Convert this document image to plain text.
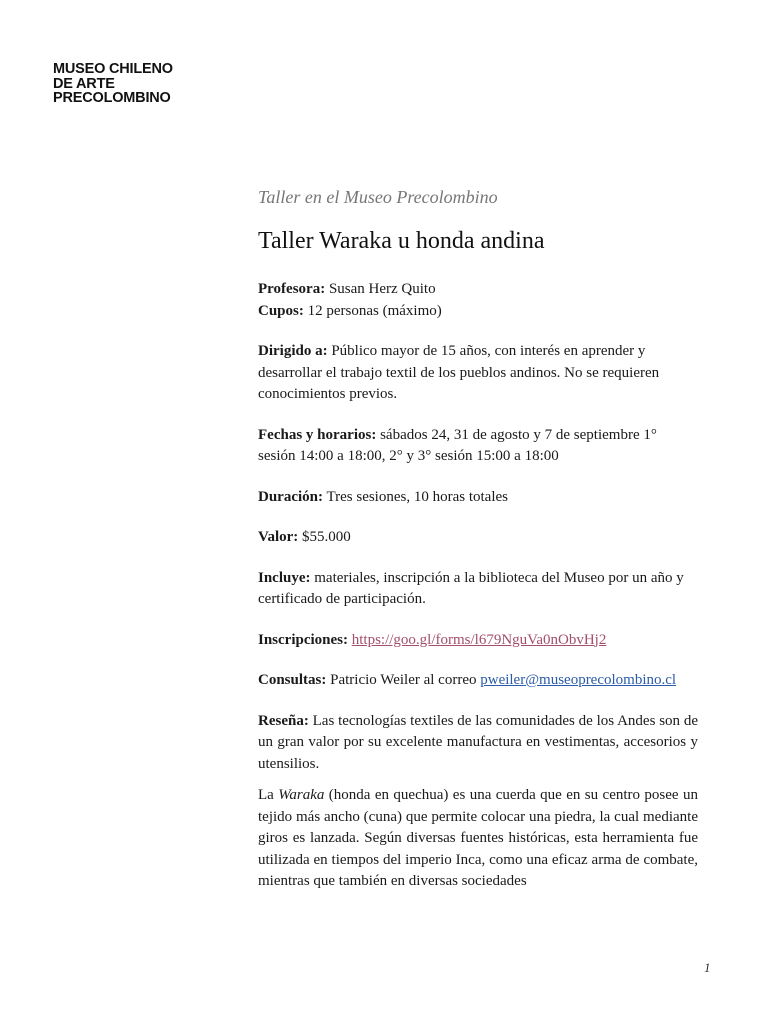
MUSEO CHILENO
DE ARTE
PRECOLOMBINO

Taller en el Museo Precolombino

Taller Waraka u honda andina

Profesora: Susan Herz Quito

Cupos: 12 personas (máximo)

Dirigido a: Público mayor de 15 años, con interés en aprender y desarrollar el trabajo textil de los pueblos andinos. No se requieren conocimientos previos.

Fechas y horarios: sábados 24, 31 de agosto y 7 de septiembre 1° sesión 14:00 a 18:00, 2° y 3° sesión 15:00 a 18:00

Duración: Tres sesiones, 10 horas totales

Valor: $55.000

Incluye: materiales, inscripción a la biblioteca del Museo por un año y certificado de participación.

Inscripciones: https://goo.gl/forms/l679NguVa0nObvHj2

Consultas: Patricio Weiler al correo pweiler@museoprecolombino.cl

Reseña: Las tecnologías textiles de las comunidades de los Andes son de un gran valor por su excelente manufactura en vestimentas, accesorios y utensilios.

La Waraka (honda en quechua) es una cuerda que en su centro posee un tejido más ancho (cuna) que permite colocar una piedra, la cual mediante giros es lanzada. Según diversas fuentes históricas, esta herramienta fue utilizada en tiempos del imperio Inca, como una eficaz arma de combate, mientras que también en diversas sociedades

1
